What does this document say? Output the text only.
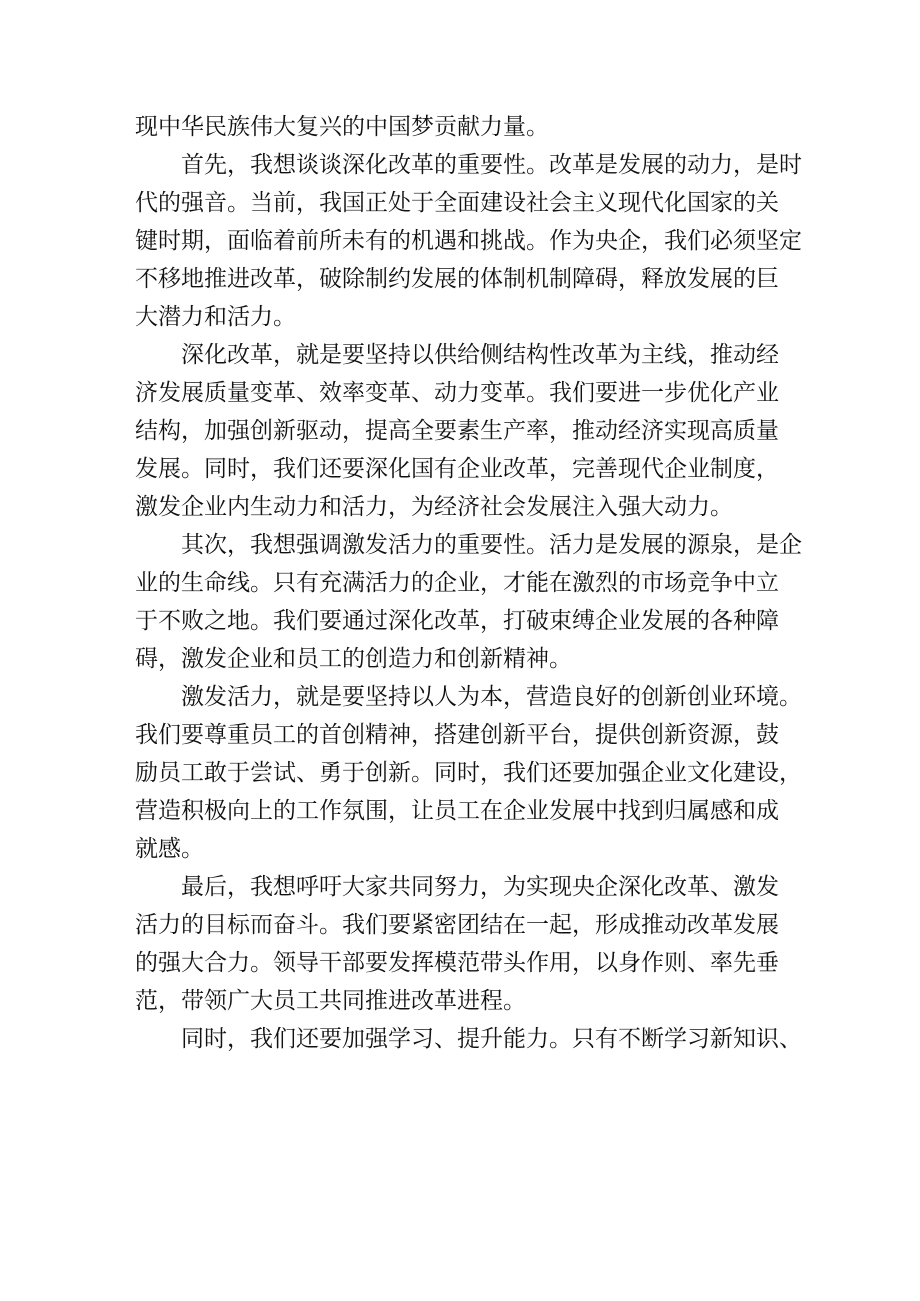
现中华民族伟大复兴的中国梦贡献力量。
首先，我想谈谈深化改革的重要性。改革是发展的动力，是时
代的强音。当前，我国正处于全面建设社会主义现代化国家的关
键时期，面临着前所未有的机遇和挑战。作为央企，我们必须坚定
不移地推进改革，破除制约发展的体制机制障碍，释放发展的巨
大潜力和活力。
深化改革，就是要坚持以供给侧结构性改革为主线，推动经
济发展质量变革、效率变革、动力变革。我们要进一步优化产业
结构，加强创新驱动，提高全要素生产率，推动经济实现高质量
发展。同时，我们还要深化国有企业改革，完善现代企业制度，
激发企业内生动力和活力，为经济社会发展注入强大动力。
其次，我想强调激发活力的重要性。活力是发展的源泉，是企
业的生命线。只有充满活力的企业，才能在激烈的市场竞争中立
于不败之地。我们要通过深化改革，打破束缚企业发展的各种障
碍，激发企业和员工的创造力和创新精神。
激发活力，就是要坚持以人为本，营造良好的创新创业环境。
我们要尊重员工的首创精神，搭建创新平台，提供创新资源，鼓
励员工敢于尝试、勇于创新。同时，我们还要加强企业文化建设，
营造积极向上的工作氛围，让员工在企业发展中找到归属感和成
就感。
最后，我想呼吁大家共同努力，为实现央企深化改革、激发
活力的目标而奋斗。我们要紧密团结在一起，形成推动改革发展
的强大合力。领导干部要发挥模范带头作用，以身作则、率先垂
范，带领广大员工共同推进改革进程。
同时，我们还要加强学习、提升能力。只有不断学习新知识、
